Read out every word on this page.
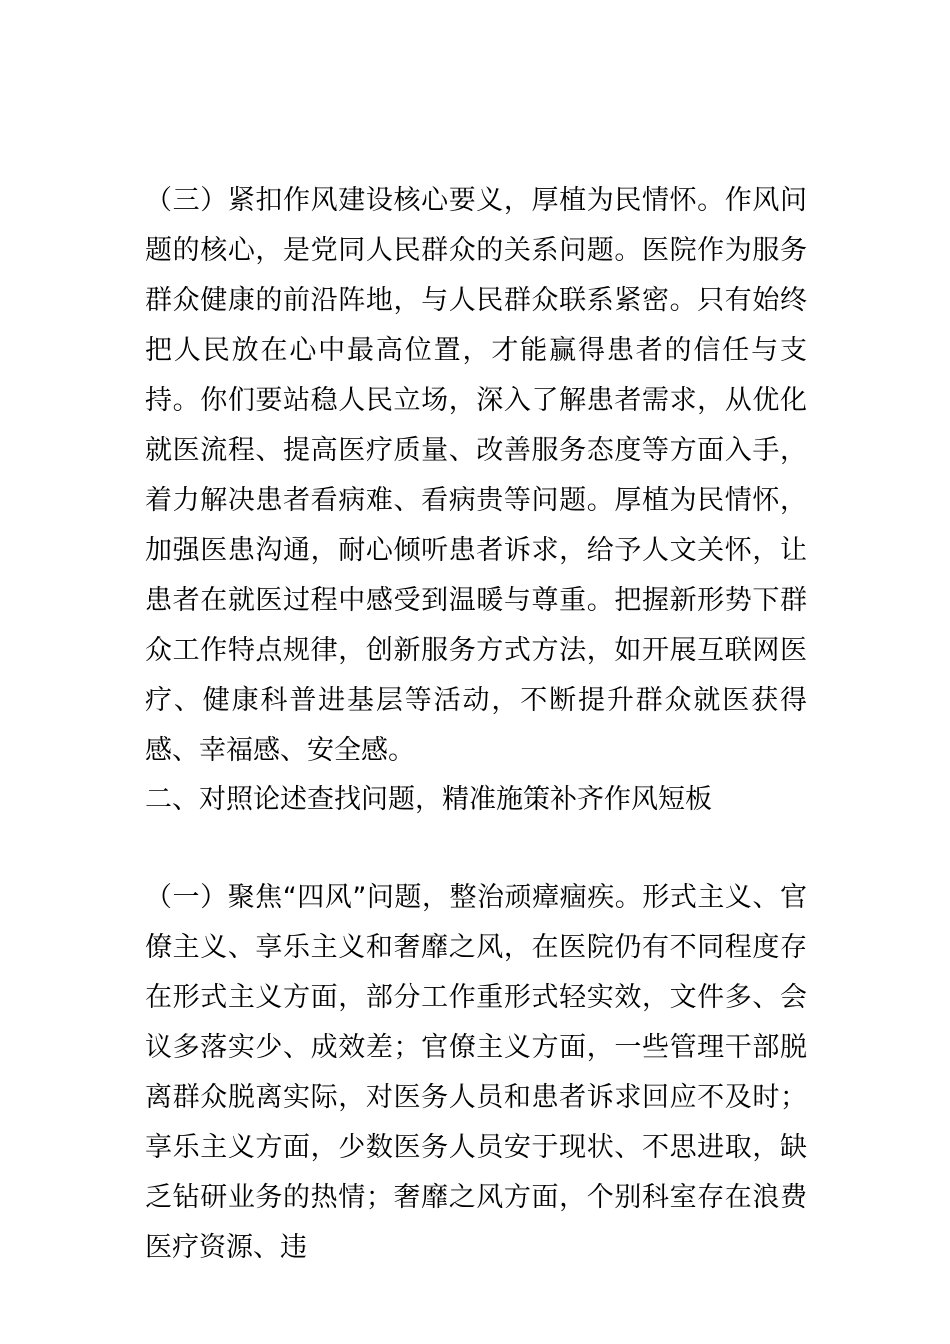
（三）紧扣作风建设核心要义，厚植为民情怀。作风问题的核心，是党同人民群众的关系问题。医院作为服务群众健康的前沿阵地，与人民群众联系紧密。只有始终把人民放在心中最高位置，才能赢得患者的信任与支持。你们要站稳人民立场，深入了解患者需求，从优化就医流程、提高医疗质量、改善服务态度等方面入手，着力解决患者看病难、看病贵等问题。厚植为民情怀，加强医患沟通，耐心倾听患者诉求，给予人文关怀，让患者在就医过程中感受到温暖与尊重。把握新形势下群众工作特点规律，创新服务方式方法，如开展互联网医疗、健康科普进基层等活动，不断提升群众就医获得感、幸福感、安全感。

二、对照论述查找问题，精准施策补齐作风短板

（一）聚焦“四风”问题，整治顽瘴痼疾。形式主义、官僚主义、享乐主义和奢靡之风，在医院仍有不同程度存在形式主义方面，部分工作重形式轻实效，文件多、会议多落实少、成效差；官僚主义方面，一些管理干部脱离群众脱离实际，对医务人员和患者诉求回应不及时；享乐主义方面，少数医务人员安于现状、不思进取，缺乏钻研业务的热情；奢靡之风方面，个别科室存在浪费医疗资源、违
